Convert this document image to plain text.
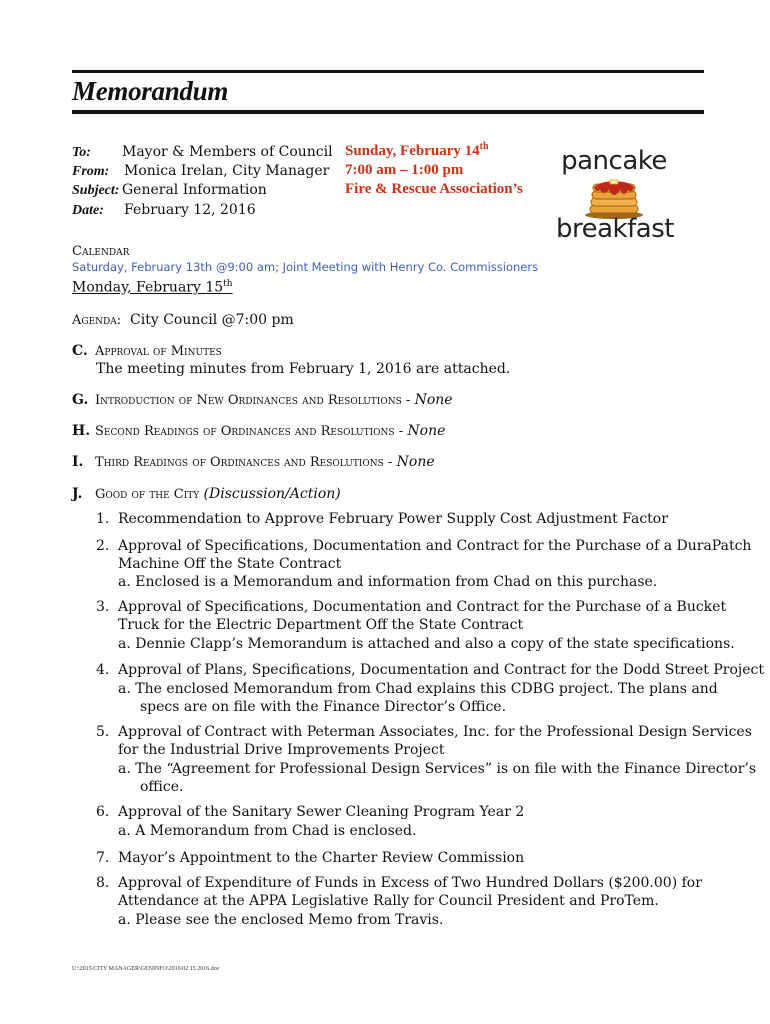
Memorandum
To: Mayor & Members of Council
From: Monica Irelan, City Manager
Subject: General Information
Date: February 12, 2016
Sunday, February 14th
7:00 am – 1:00 pm
Fire & Rescue Association’s
pancake
breakfast
Calendar
Saturday, February 13th @9:00 am; Joint Meeting with Henry Co. Commissioners
Monday, February 15th
Agenda: City Council @7:00 pm
C. Approval of Minutes
The meeting minutes from February 1, 2016 are attached.
G. Introduction of New Ordinances and Resolutions - None
H. Second Readings of Ordinances and Resolutions - None
I. Third Readings of Ordinances and Resolutions - None
J. Good of the City (Discussion/Action)
1. Recommendation to Approve February Power Supply Cost Adjustment Factor
2. Approval of Specifications, Documentation and Contract for the Purchase of a DuraPatch
Machine Off the State Contract
a. Enclosed is a Memorandum and information from Chad on this purchase.
3. Approval of Specifications, Documentation and Contract for the Purchase of a Bucket
Truck for the Electric Department Off the State Contract
a. Dennie Clapp’s Memorandum is attached and also a copy of the state specifications.
4. Approval of Plans, Specifications, Documentation and Contract for the Dodd Street Project
a. The enclosed Memorandum from Chad explains this CDBG project. The plans and
specs are on file with the Finance Director’s Office.
5. Approval of Contract with Peterman Associates, Inc. for the Professional Design Services
for the Industrial Drive Improvements Project
a. The “Agreement for Professional Design Services” is on file with the Finance Director’s
office.
6. Approval of the Sanitary Sewer Cleaning Program Year 2
a. A Memorandum from Chad is enclosed.
7. Mayor’s Appointment to the Charter Review Commission
8. Approval of Expenditure of Funds in Excess of Two Hundred Dollars ($200.00) for
Attendance at the APPA Legislative Rally for Council President and ProTem.
a. Please see the enclosed Memo from Travis.
U:\2015\CITY MANAGER\GENINFO\2016\02 15 2016.doc
